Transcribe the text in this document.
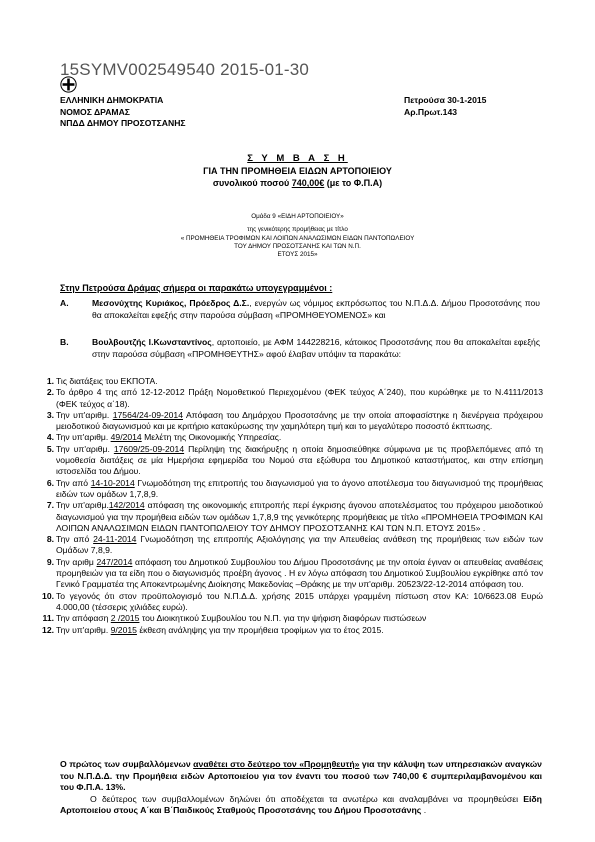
15SYMV002549540 2015-01-30
ΕΛΛΗΝΙΚΗ ΔΗΜΟΚΡΑΤΙΑ
ΝΟΜΟΣ ΔΡΑΜΑΣ
ΝΠΔΔ ΔΗΜΟΥ ΠΡΟΣΟΤΣΑΝΗΣ
Πετρούσα 30-1-2015
Αρ.Πρωτ.143
Σ Υ Μ Β Α Σ Η
ΓΙΑ ΤΗΝ ΠΡΟΜΗΘΕΙΑ ΕΙΔΩΝ ΑΡΤΟΠΟΙΕΙΟΥ
συνολικού ποσού 740,00€ (με το Φ.Π.Α)
Ομάδα 9 «ΕΙΔΗ ΑΡΤΟΠΟΙΕΙΟΥ»
της γενικότερης προμήθειας με τίτλο
« ΠΡΟΜΗΘΕΙΑ ΤΡΟΦΙΜΩΝ ΚΑΙ ΛΟΙΠΩΝ ΑΝΑΛΩΣΙΜΩΝ ΕΙΔΩΝ ΠΑΝΤΟΠΩΛΕΙΟΥ
ΤΟΥ ΔΗΜΟΥ ΠΡΟΣΟΤΣΑΝΗΣ ΚΑΙ ΤΩΝ Ν.Π.
ΕΤΟΥΣ 2015»
Στην Πετρούσα Δράμας σήμερα οι παρακάτω υπογεγραμμένοι :
Α.	Μεσονύχτης Κυριάκος, Πρόεδρος Δ.Σ., ενεργών ως νόμιμος εκπρόσωπος του Ν.Π.Δ.Δ. Δήμου Προσοτσάνης που θα αποκαλείται εφεξής στην παρούσα σύμβαση «ΠΡΟΜΗΘΕΥΟΜΕΝΟΣ» και
Β.	Βουλβουτζής Ι.Κωνσταντίνος, αρτοποιείο, με ΑΦΜ 144228216, κάτοικος Προσοτσάνης που θα αποκαλείται εφεξής στην παρούσα σύμβαση «ΠΡΟΜΗΘΕΥΤΗΣ» αφού έλαβαν υπόψιν τα παρακάτω:
1. Τις διατάξεις του ΕΚΠΟΤΑ.
2. Το άρθρο 4 της από 12-12-2012 Πράξη Νομοθετικού Περιεχομένου (ΦΕΚ τεύχος Α΄240), που κυρώθηκε με το Ν.4111/2013 (ΦΕΚ τεύχος α΄18).
3. Την υπ'αριθμ. 17564/24-09-2014 Απόφαση του Δημάρχου Προσοτσάνης με την οποία αποφασίστηκε η διενέργεια πρόχειρου μειοδοτικού διαγωνισμού και με κριτήριο κατακύρωσης την χαμηλότερη τιμή και το μεγαλύτερο ποσοστό έκπτωσης.
4. Την υπ'αριθμ. 49/2014 Μελέτη της Οικονομικής Υπηρεσίας.
5. Την υπ'αριθμ. 17609/25-09-2014 Περίληψη της διακήρυξης η οποία δημοσιεύθηκε σύμφωνα με τις προβλεπόμενες από τη νομοθεσία διατάξεις σε μία Ημερήσια εφημερίδα του Νομού στα εξώθυρα του Δημοτικού καταστήματος, και στην επίσημη ιστοσελίδα του Δήμου.
6. Την από 14-10-2014 Γνωμοδότηση της επιτροπής του διαγωνισμού για το άγονο αποτέλεσμα του διαγωνισμού της προμήθειας ειδών των ομάδων 1,7,8,9.
7. Την υπ'αριθμ.142/2014 απόφαση της οικονομικής επιτροπής περί έγκρισης άγονου αποτελέσματος του πρόχειρου μειοδοτικού διαγωνισμού για την προμήθεια ειδών των ομάδων 1,7,8,9 της γενικότερης προμήθειας με τίτλο «ΠΡΟΜΗΘΕΙΑ ΤΡΟΦΙΜΩΝ ΚΑΙ ΛΟΙΠΩΝ ΑΝΑΛΩΣΙΜΩΝ ΕΙΔΩΝ ΠΑΝΤΟΠΩΛΕΙΟΥ ΤΟΥ ΔΗΜΟΥ ΠΡΟΣΟΤΣΑΝΗΣ ΚΑΙ ΤΩΝ Ν.Π. ΕΤΟΥΣ 2015» .
8. Την από 24-11-2014 Γνωμοδότηση της επιτροπής Αξιολόγησης για την Απευθείας ανάθεση της προμήθειας των ειδών των Ομάδων 7,8,9.
9. Την αριθμ 247/2014 απόφαση του Δημοτικού Συμβουλίου του Δήμου Προσοτσάνης με την οποία έγιναν οι απευθείας αναθέσεις προμηθειών για τα είδη που ο διαγωνισμός προέβη άγονος . Η εν λόγω απόφαση του Δημοτικού Συμβουλίου εγκρίθηκε από τον Γενικό Γραμματέα της Αποκεντρωμένης Διοίκησης Μακεδονίας –Θράκης με την υπ'αριθμ. 20523/22-12-2014 απόφαση του.
10. Το γεγονός ότι στον προϋπολογισμό του Ν.Π.Δ.Δ. χρήσης 2015 υπάρχει γραμμένη πίστωση στον ΚΑ: 10/6623.08 Ευρώ 4.000,00 (τέσσερις χιλιάδες ευρώ).
11. Την απόφαση 2 /2015 του Διοικητικού Συμβουλίου του Ν.Π. για την ψήφιση διαφόρων πιστώσεων
12. Την υπ'αριθμ. 9/2015 έκθεση ανάληψης για την προμήθεια τροφίμων για το έτος 2015.
Ο πρώτος των συμβαλλόμενων αναθέτει στο δεύτερο τον «Προμηθευτή» για την κάλυψη των υπηρεσιακών αναγκών του Ν.Π.Δ.Δ. την Προμήθεια ειδών Αρτοποιείου για τον έναντι του ποσού των 740,00 € συμπεριλαμβανομένου και του Φ.Π.Α. 13%.
Ο δεύτερος των συμβαλλομένων δηλώνει ότι αποδέχεται τα ανωτέρω και αναλαμβάνει να προμηθεύσει Είδη Αρτοποιείου στους Α΄και Β΄Παιδικούς Σταθμούς Προσοτσάνης του Δήμου Προσοτσάνης .
